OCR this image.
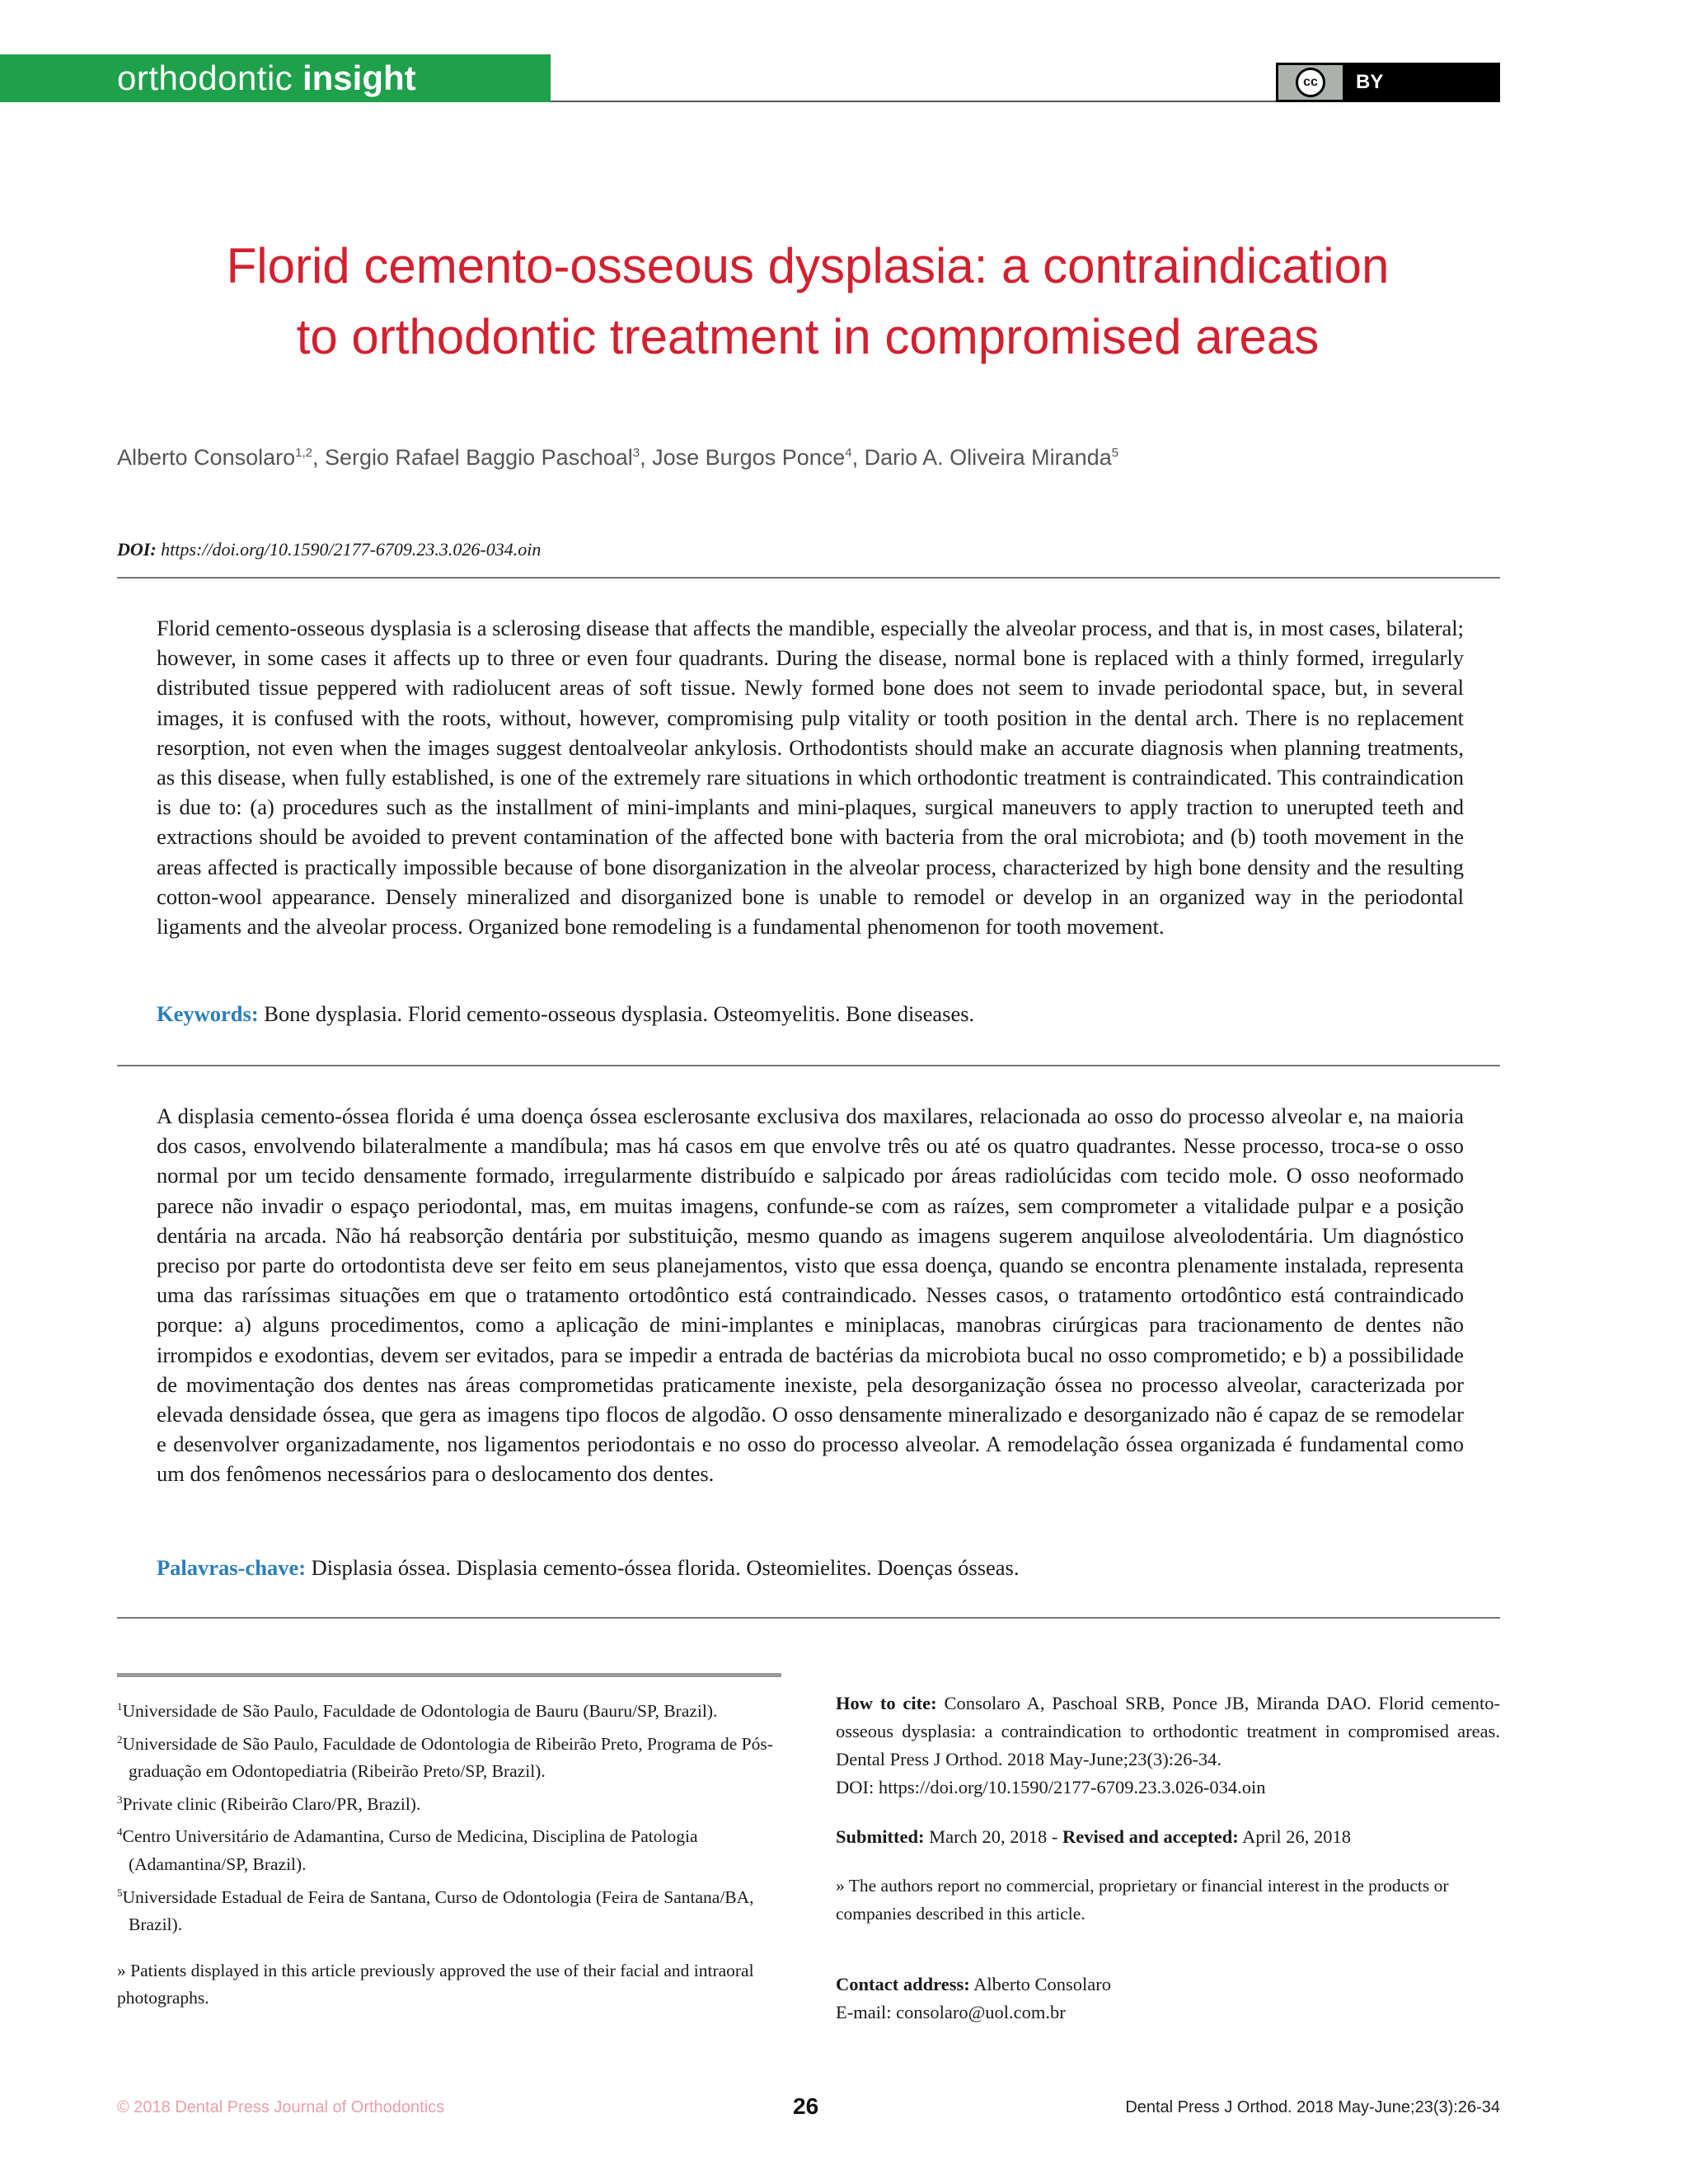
orthodontic insight	cc	BY
Florid cemento-osseous dysplasia: a contraindication
to orthodontic treatment in compromised areas
Alberto Consolaro$^{1,2}$, Sergio Rafael Baggio Paschoal$^3$, Jose Burgos Ponce$^4$, Dario A. Oliveira Miranda$^5$
DOI: https://doi.org/10.1590/2177-6709.23.3.026-034.oin

Florid cemento-osseous dysplasia is a sclerosing disease that affects the mandible, especially the alveolar process, and that is, in most cases, bilateral; however, in some cases it affects up to three or even four quadrants. During the disease, normal bone is replaced with a thinly formed, irregularly distributed tissue peppered with radiolucent areas of soft tissue. Newly formed bone does not seem to invade periodontal space, but, in several images, it is confused with the roots, without, however, compromising pulp vitality or tooth position in the dental arch. There is no replacement resorption, not even when the images suggest dentoalveolar ankylosis. Orthodontists should make an accurate diagnosis when planning treatments, as this disease, when fully established, is one of the extremely rare situations in which orthodontic treatment is contraindicated. This contraindication is due to: (a) procedures such as the installment of mini-implants and mini-plaques, surgical maneuvers to apply traction to unerupted teeth and extractions should be avoided to prevent contamination of the affected bone with bacteria from the oral microbiota; and (b) tooth movement in the areas affected is practically impossible because of bone disorganization in the alveolar process, characterized by high bone density and the resulting cotton-wool appearance. Densely mineralized and disorganized bone is unable to remodel or develop in an organized way in the periodontal ligaments and the alveolar process. Organized bone remodeling is a fundamental phenomenon for tooth movement.

Keywords: Bone dysplasia. Florid cemento-osseous dysplasia. Osteomyelitis. Bone diseases.

A displasia cemento-óssea florida é uma doença óssea esclerosante exclusiva dos maxilares, relacionada ao osso do processo alveolar e, na maioria dos casos, envolvendo bilateralmente a mandíbula; mas há casos em que envolve três ou até os quatro quadrantes. Nesse processo, troca-se o osso normal por um tecido densamente formado, irregularmente distribuído e salpicado por áreas radiolúcidas com tecido mole. O osso neoformado parece não invadir o espaço periodontal, mas, em muitas imagens, confunde-se com as raízes, sem comprometer a vitalidade pulpar e a posição dentária na arcada. Não há reabsorção dentária por substituição, mesmo quando as imagens sugerem anquilose alveolodentária. Um diagnóstico preciso por parte do ortodontista deve ser feito em seus planejamentos, visto que essa doença, quando se encontra plenamente instalada, representa uma das raríssimas situações em que o tratamento ortodôntico está contraindicado. Nesses casos, o tratamento ortodôntico está contraindicado porque: a) alguns procedimentos, como a aplicação de mini-implantes e miniplacas, manobras cirúrgicas para tracionamento de dentes não irrompidos e exodontias, devem ser evitados, para se impedir a entrada de bactérias da microbiota bucal no osso comprometido; e b) a possibilidade de movimentação dos dentes nas áreas comprometidas praticamente inexiste, pela desorganização óssea no processo alveolar, caracterizada por elevada densidade óssea, que gera as imagens tipo flocos de algodão. O osso densamente mineralizado e desorganizado não é capaz de se remodelar e desenvolver organizadamente, nos ligamentos periodontais e no osso do processo alveolar. A remodelação óssea organizada é fundamental como um dos fenômenos necessários para o deslocamento dos dentes.

Palavras-chave: Displasia óssea. Displasia cemento-óssea florida. Osteomielites. Doenças ósseas.
$^1$Universidade de São Paulo, Faculdade de Odontologia de Bauru (Bauru/SP, Brazil).
$^2$Universidade de São Paulo, Faculdade de Odontologia de Ribeirão Preto, Programa de Pós-graduação em Odontopediatria (Ribeirão Preto/SP, Brazil).
$^3$Private clinic (Ribeirão Claro/PR, Brazil).
$^4$Centro Universitário de Adamantina, Curso de Medicina, Disciplina de Patologia (Adamantina/SP, Brazil).
$^5$Universidade Estadual de Feira de Santana, Curso de Odontologia (Feira de Santana/BA, Brazil).
» Patients displayed in this article previously approved the use of their facial and intraoral photographs.

How to cite: Consolaro A, Paschoal SRB, Ponce JB, Miranda DAO. Florid cemento-osseous dysplasia: a contraindication to orthodontic treatment in compromised areas. Dental Press J Orthod. 2018 May-June;23(3):26-34.
DOI: https://doi.org/10.1590/2177-6709.23.3.026-034.oin

Submitted: March 20, 2018 - Revised and accepted: April 26, 2018

» The authors report no commercial, proprietary or financial interest in the products or companies described in this article.

Contact address: Alberto Consolaro
E-mail: consolaro@uol.com.br

© 2018 Dental Press Journal of Orthodontics	26	Dental Press J Orthod. 2018 May-June;23(3):26-34
